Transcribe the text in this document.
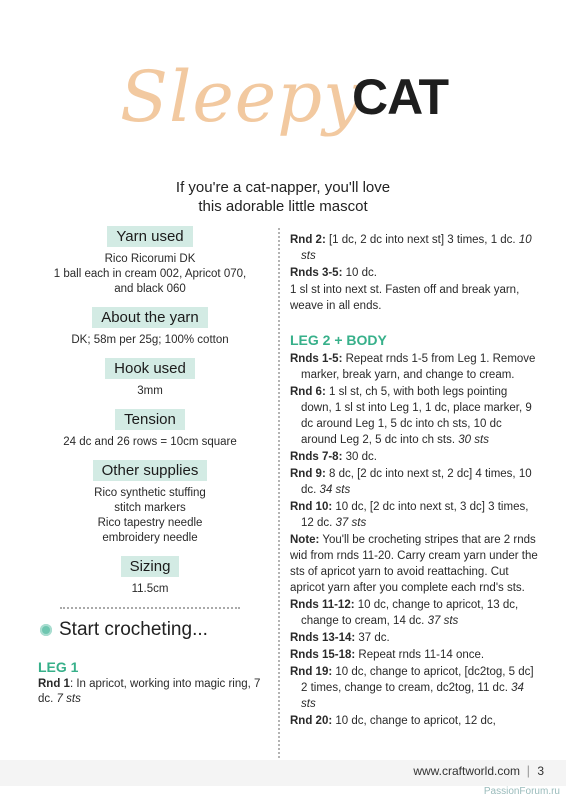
Sleepy
CAT
If you're a cat-napper, you'll love
this adorable little mascot
Yarn used
Rico Ricorumi DK
1 ball each in cream 002, Apricot 070,
and black 060
About the yarn
DK; 58m per 25g; 100% cotton
Hook used
3mm
Tension
24 dc and 26 rows = 10cm square
Other supplies
Rico synthetic stuffing
stitch markers
Rico tapestry needle
embroidery needle
Sizing
11.5cm
Start crocheting...
LEG 1
Rnd 1: In apricot, working into magic ring, 7 dc. 7 sts

Rnd 2: [1 dc, 2 dc into next st] 3 times, 1 dc. 10 sts

Rnds 3-5: 10 dc.

1 sl st into next st. Fasten off and break yarn, weave in all ends.

LEG 2 + BODY

Rnds 1-5: Repeat rnds 1-5 from Leg 1. Remove marker, break yarn, and change to cream.

Rnd 6: 1 sl st, ch 5, with both legs pointing down, 1 sl st into Leg 1, 1 dc, place marker, 9 dc around Leg 1, 5 dc into ch sts, 10 dc around Leg 2, 5 dc into ch sts. 30 sts

Rnds 7-8: 30 dc.

Rnd 9: 8 dc, [2 dc into next st, 2 dc] 4 times, 10 dc. 34 sts

Rnd 10: 10 dc, [2 dc into next st, 3 dc] 3 times, 12 dc. 37 sts

Note: You'll be crocheting stripes that are 2 rnds wid from rnds 11-20. Carry cream yarn under the sts of apricot yarn to avoid reattaching. Cut apricot yarn after you complete each rnd's sts.

Rnds 11-12: 10 dc, change to apricot, 13 dc, change to cream, 14 dc. 37 sts

Rnds 13-14: 37 dc.

Rnds 15-18: Repeat rnds 11-14 once.

Rnd 19: 10 dc, change to apricot, [dc2tog, 5 dc] 2 times, change to cream, dc2tog, 11 dc. 34 sts

Rnd 20: 10 dc, change to apricot, 12 dc,

www.craftworld.com | 3
PassionForum.ru
